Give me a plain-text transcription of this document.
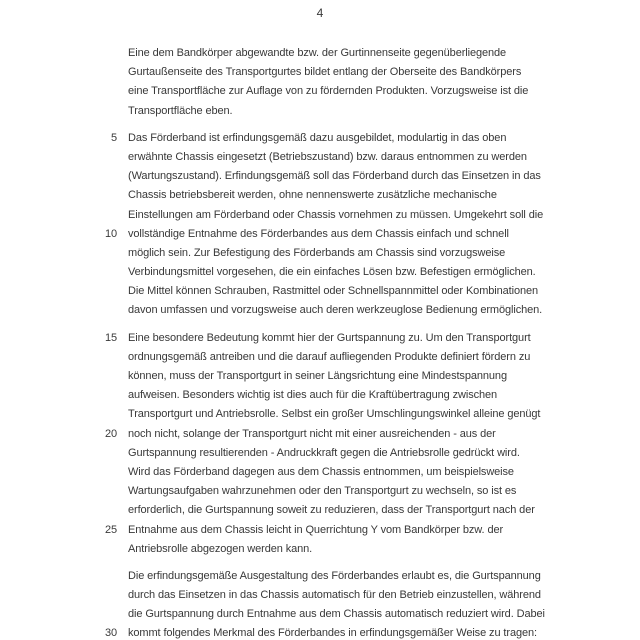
4
Eine dem Bandkörper abgewandte bzw. der Gurtinnenseite gegenüberliegende
Gurtaußenseite des Transportgurtes bildet entlang der Oberseite des Bandkörpers
eine Transportfläche zur Auflage von zu fördernden Produkten. Vorzugsweise ist die
Transportfläche eben.
5 Das Förderband ist erfindungsgemäß dazu ausgebildet, modulartig in das oben
erwähnte Chassis eingesetzt (Betriebszustand) bzw. daraus entnommen zu werden
(Wartungszustand). Erfindungsgemäß soll das Förderband durch das Einsetzen in das
Chassis betriebsbereit werden, ohne nennenswerte zusätzliche mechanische
Einstellungen am Förderband oder Chassis vornehmen zu müssen. Umgekehrt soll die
10 vollständige Entnahme des Förderbandes aus dem Chassis einfach und schnell
möglich sein. Zur Befestigung des Förderbands am Chassis sind vorzugsweise
Verbindungsmittel vorgesehen, die ein einfaches Lösen bzw. Befestigen ermöglichen.
Die Mittel können Schrauben, Rastmittel oder Schnellspannmittel oder Kombinationen
davon umfassen und vorzugsweise auch deren werkzeuglose Bedienung ermöglichen.
15 Eine besondere Bedeutung kommt hier der Gurtspannung zu. Um den Transportgurt
ordnungsgemäß antreiben und die darauf aufliegenden Produkte definiert fördern zu
können, muss der Transportgurt in seiner Längsrichtung eine Mindestspannung
aufweisen. Besonders wichtig ist dies auch für die Kraftübertragung zwischen
Transportgurt und Antriebsrolle. Selbst ein großer Umschlingungswinkel alleine genügt
20 noch nicht, solange der Transportgurt nicht mit einer ausreichenden - aus der
Gurtspannung resultierenden - Andruckkraft gegen die Antriebsrolle gedrückt wird.
Wird das Förderband dagegen aus dem Chassis entnommen, um beispielsweise
Wartungsaufgaben wahrzunehmen oder den Transportgurt zu wechseln, so ist es
erforderlich, die Gurtspannung soweit zu reduzieren, dass der Transportgurt nach der
25 Entnahme aus dem Chassis leicht in Querrichtung Y vom Bandkörper bzw. der
Antriebsrolle abgezogen werden kann.
Die erfindungsgemäße Ausgestaltung des Förderbandes erlaubt es, die Gurtspannung
durch das Einsetzen in das Chassis automatisch für den Betrieb einzustellen, während
die Gurtspannung durch Entnahme aus dem Chassis automatisch reduziert wird. Dabei
30 kommt folgendes Merkmal des Förderbandes in erfindungsgemäßer Weise zu tragen:
